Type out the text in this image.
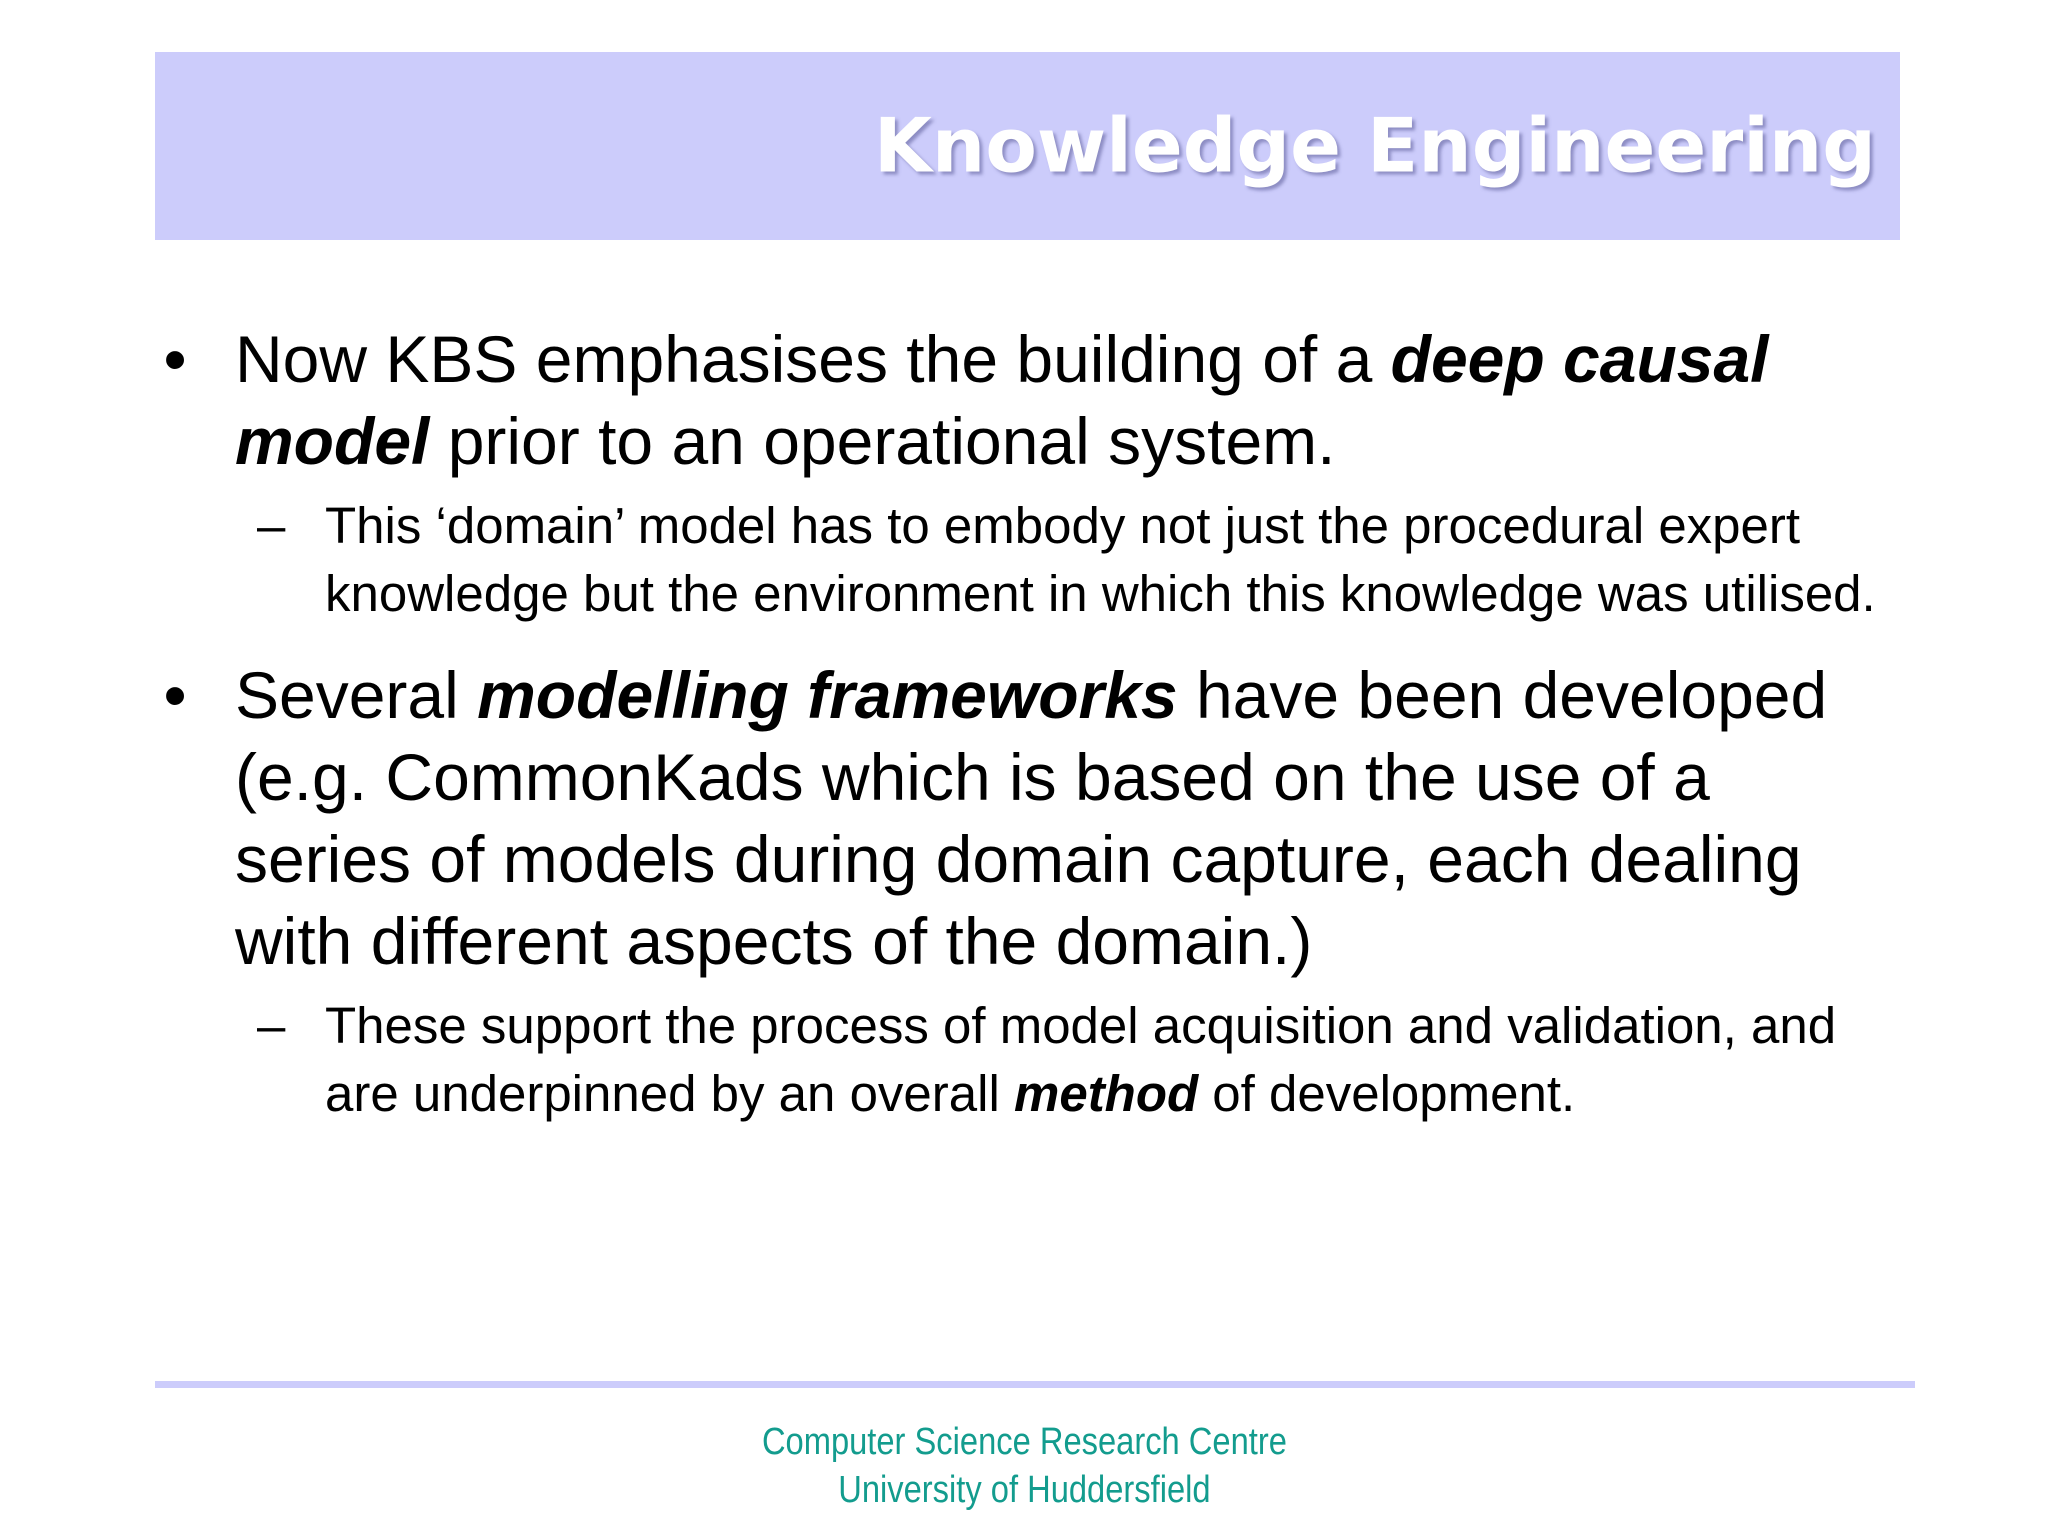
Knowledge Engineering

• Now KBS emphasises the building of a deep causal model prior to an operational system.

– This ‘domain’ model has to embody not just the procedural expert knowledge but the environment in which this knowledge was utilised.

• Several modelling frameworks have been developed (e.g. CommonKads which is based on the use of a series of models during domain capture, each dealing with different aspects of the domain.)

– These support the process of model acquisition and validation, and are underpinned by an overall method of development.

Computer Science Research Centre
University of Huddersfield
